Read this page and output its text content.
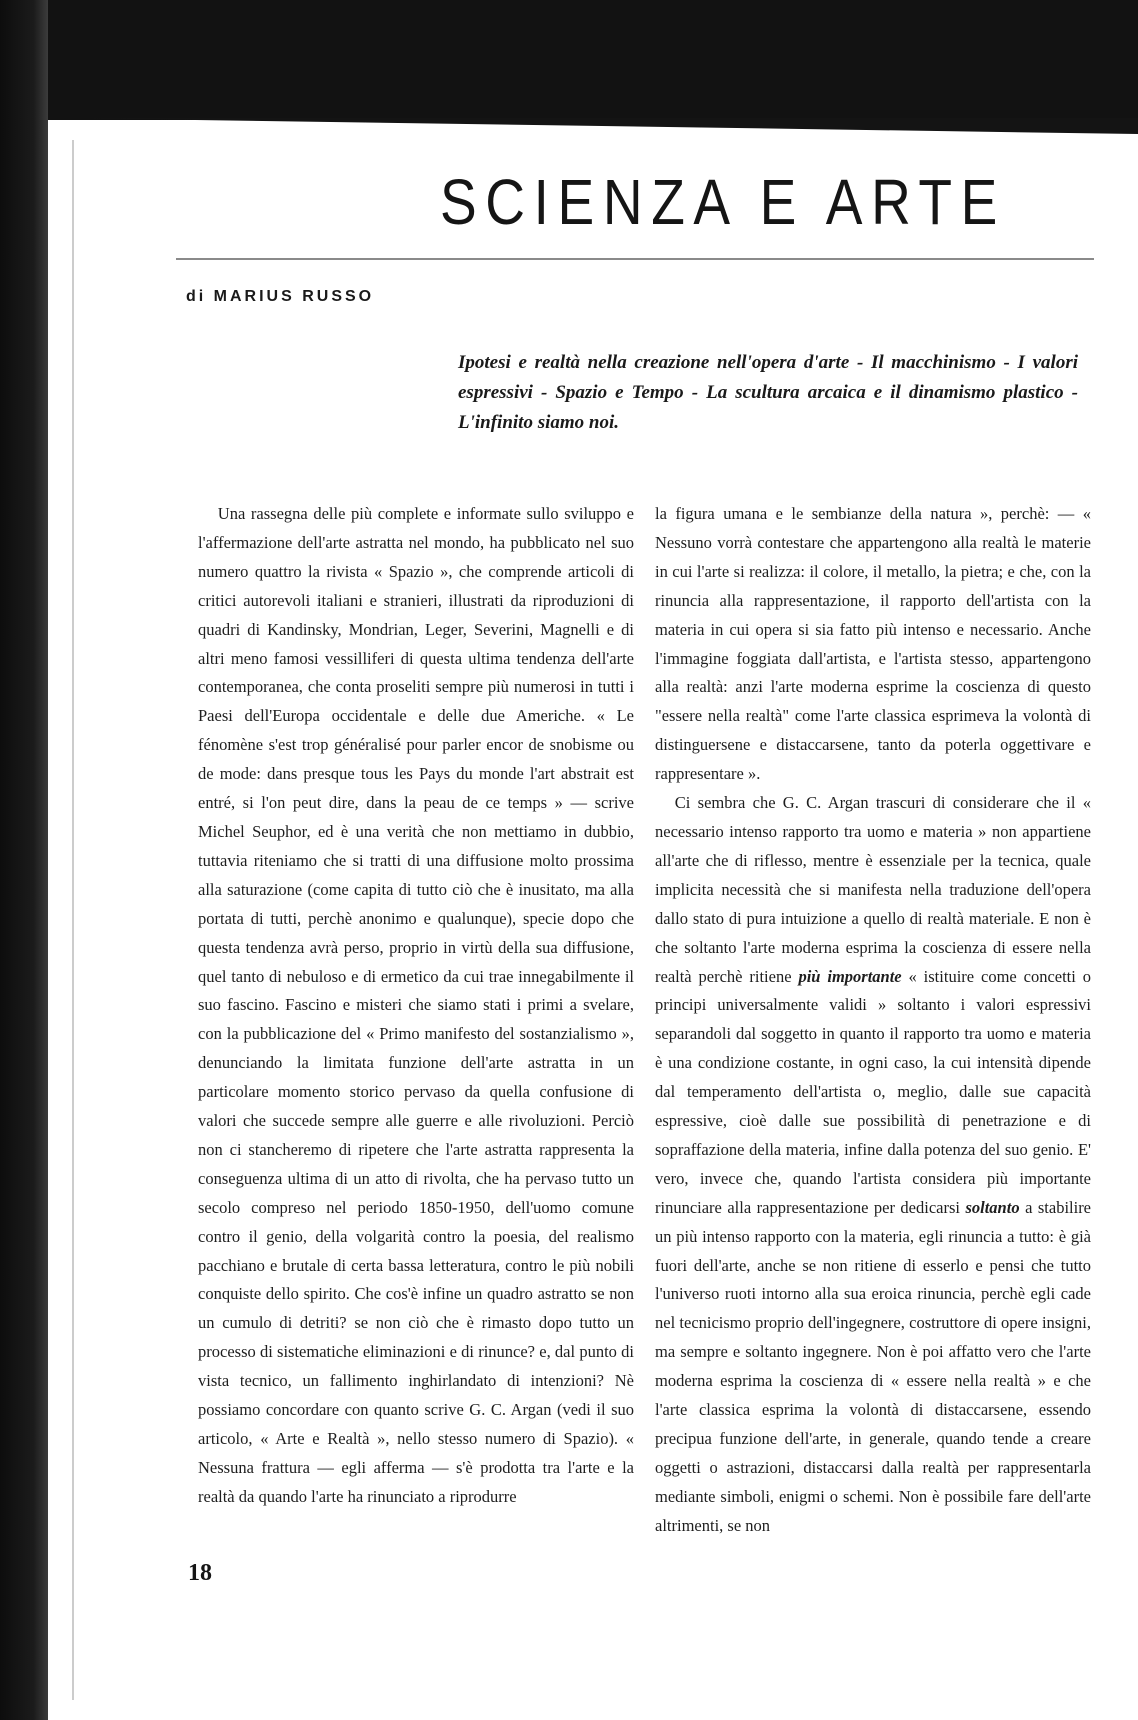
SCIENZA E ARTE

di MARIUS RUSSO

Ipotesi e realtà nella creazione nell'opera d'arte - Il macchinismo - I valori espressivi - Spazio e Tempo - La scultura arcaica e il dinamismo plastico - L'infinito siamo noi.

Una rassegna delle più complete e informate sullo sviluppo e l'affermazione dell'arte astratta nel mondo, ha pubblicato nel suo numero quattro la rivista « Spazio », che comprende articoli di critici autorevoli italiani e stranieri, illustrati da riproduzioni di quadri di Kandinsky, Mondrian, Leger, Severini, Magnelli e di altri meno famosi vessilliferi di questa ultima tendenza dell'arte contemporanea, che conta proseliti sempre più numerosi in tutti i Paesi dell'Europa occidentale e delle due Americhe. « Le fénomène s'est trop généralisé pour parler encor de snobisme ou de mode: dans presque tous les Pays du monde l'art abstrait est entré, si l'on peut dire, dans la peau de ce temps » — scrive Michel Seuphor, ed è una verità che non mettiamo in dubbio, tuttavia riteniamo che si tratti di una diffusione molto prossima alla saturazione (come capita di tutto ciò che è inusitato, ma alla portata di tutti, perchè anonimo e qualunque), specie dopo che questa tendenza avrà perso, proprio in virtù della sua diffusione, quel tanto di nebuloso e di ermetico da cui trae innegabilmente il suo fascino. Fascino e misteri che siamo stati i primi a svelare, con la pubblicazione del « Primo manifesto del sostanzialismo », denunciando la limitata funzione dell'arte astratta in un particolare momento storico pervaso da quella confusione di valori che succede sempre alle guerre e alle rivoluzioni. Perciò non ci stancheremo di ripetere che l'arte astratta rappresenta la conseguenza ultima di un atto di rivolta, che ha pervaso tutto un secolo compreso nel periodo 1850-1950, dell'uomo comune contro il genio, della volgarità contro la poesia, del realismo pacchiano e brutale di certa bassa letteratura, contro le più nobili conquiste dello spirito. Che cos'è infine un quadro astratto se non un cumulo di detriti? se non ciò che è rimasto dopo tutto un processo di sistematiche eliminazioni e di rinunce? e, dal punto di vista tecnico, un fallimento inghirlandato di intenzioni? Nè possiamo concordare con quanto scrive G. C. Argan (vedi il suo articolo, « Arte e Realtà », nello stesso numero di Spazio). « Nessuna frattura — egli afferma — s'è prodotta tra l'arte e la realtà da quando l'arte ha rinunciato a riprodurre

la figura umana e le sembianze della natura », perchè: — « Nessuno vorrà contestare che appartengono alla realtà le materie in cui l'arte si realizza: il colore, il metallo, la pietra; e che, con la rinuncia alla rappresentazione, il rapporto dell'artista con la materia in cui opera si sia fatto più intenso e necessario. Anche l'immagine foggiata dall'artista, e l'artista stesso, appartengono alla realtà: anzi l'arte moderna esprime la coscienza di questo "essere nella realtà" come l'arte classica esprimeva la volontà di distinguersene e distaccarsene, tanto da poterla oggettivare e rappresentare ».

Ci sembra che G. C. Argan trascuri di considerare che il « necessario intenso rapporto tra uomo e materia » non appartiene all'arte che di riflesso, mentre è essenziale per la tecnica, quale implicita necessità che si manifesta nella traduzione dell'opera dallo stato di pura intuizione a quello di realtà materiale. E non è che soltanto l'arte moderna esprima la coscienza di essere nella realtà perchè ritiene più importante « istituire come concetti o principi universalmente validi » soltanto i valori espressivi separandoli dal soggetto in quanto il rapporto tra uomo e materia è una condizione costante, in ogni caso, la cui intensità dipende dal temperamento dell'artista o, meglio, dalle sue capacità espressive, cioè dalle sue possibilità di penetrazione e di sopraffazione della materia, infine dalla potenza del suo genio. E' vero, invece che, quando l'artista considera più importante rinunciare alla rappresentazione per dedicarsi soltanto a stabilire un più intenso rapporto con la materia, egli rinuncia a tutto: è già fuori dell'arte, anche se non ritiene di esserlo e pensi che tutto l'universo ruoti intorno alla sua eroica rinuncia, perchè egli cade nel tecnicismo proprio dell'ingegnere, costruttore di opere insigni, ma sempre e soltanto ingegnere. Non è poi affatto vero che l'arte moderna esprima la coscienza di « essere nella realtà » e che l'arte classica esprima la volontà di distaccarsene, essendo precipua funzione dell'arte, in generale, quando tende a creare oggetti o astrazioni, distaccarsi dalla realtà per rappresentarla mediante simboli, enigmi o schemi. Non è possibile fare dell'arte altrimenti, se non

18
